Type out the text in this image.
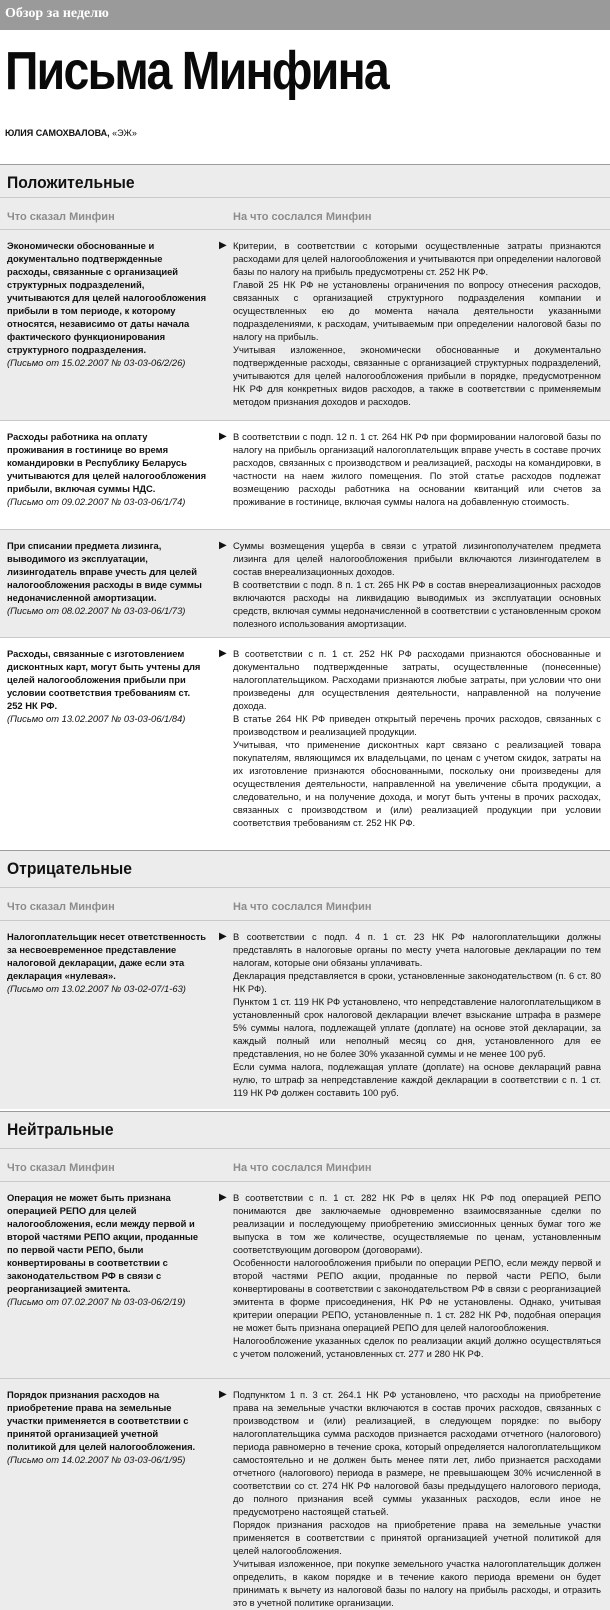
Обзор за неделю
Письма Минфина
ЮЛИЯ САМОХВАЛОВА, «ЭЖ»
Положительные
Что сказал Минфин	На что сослался Минфин
Экономически обоснованные и документально подтвержденные расходы, связанные с организацией структурных подразделений, учитываются для целей налогообложения прибыли в том периоде, к которому относятся, независимо от даты начала фактического функционирования структурного подразделения.
(Письмо от 15.02.2007 № 03-03-06/2/26)
▶ Критерии, в соответствии с которыми осуществленные затраты признаются расходами для целей налогообложения и учитываются при определении налоговой базы по налогу на прибыль предусмотрены ст. 252 НК РФ.

Главой 25 НК РФ не установлены ограничения по вопросу отнесения расходов, связанных с организацией структурного подразделения компании и осуществленных ею до момента начала деятельности указанными подразделениями, к расходам, учитываемым при определении налоговой базы по налогу на прибыль.

Учитывая изложенное, экономически обоснованные и документально подтвержденные расходы, связанные с организацией структурных подразделений, учитываются для целей налогообложения прибыли в порядке, предусмотренном НК РФ для конкретных видов расходов, а также в соответствии с применяемым методом признания доходов и расходов.

Расходы работника на оплату проживания в гостинице во время командировки в Республику Беларусь учитываются для целей налогообложения прибыли, включая суммы НДС.
(Письмо от 09.02.2007 № 03-03-06/1/74)
▶ В соответствии с подп. 12 п. 1 ст. 264 НК РФ при формировании налоговой базы по налогу на прибыль организаций налогоплательщик вправе учесть в составе прочих расходов, связанных с производством и реализацией, расходы на командировки, в частности на наем жилого помещения. По этой статье расходов подлежат возмещению расходы работника на основании квитанций или счетов за проживание в гостинице, включая суммы налога на добавленную стоимость.

При списании предмета лизинга, выводимого из эксплуатации, лизингодатель вправе учесть для целей налогообложения расходы в виде суммы недоначисленной амортизации.
(Письмо от 08.02.2007 № 03-03-06/1/73)
▶ Суммы возмещения ущерба в связи с утратой лизингополучателем предмета лизинга для целей налогообложения прибыли включаются лизингодателем в состав внереализационных доходов.

В соответствии с подп. 8 п. 1 ст. 265 НК РФ в состав внереализационных расходов включаются расходы на ликвидацию выводимых из эксплуатации основных средств, включая суммы недоначисленной в соответствии с установленным сроком полезного использования амортизации.

Расходы, связанные с изготовлением дисконтных карт, могут быть учтены для целей налогообложения прибыли при условии соответствия требованиям ст. 252 НК РФ.
(Письмо от 13.02.2007 № 03-03-06/1/84)
▶ В соответствии с п. 1 ст. 252 НК РФ расходами признаются обоснованные и документально подтвержденные затраты, осуществленные (понесенные) налогоплательщиком. Расходами признаются любые затраты, при условии что они произведены для осуществления деятельности, направленной на получение дохода.

В статье 264 НК РФ приведен открытый перечень прочих расходов, связанных с производством и реализацией продукции.

Учитывая, что применение дисконтных карт связано с реализацией товара покупателям, являющимся их владельцами, по ценам с учетом скидок, затраты на их изготовление признаются обоснованными, поскольку они произведены для осуществления деятельности, направленной на увеличение сбыта продукции, а следовательно, и на получение дохода, и могут быть учтены в прочих расходах, связанных с производством и (или) реализацией продукции при условии соответствия требованиям ст. 252 НК РФ.

Отрицательные
Что сказал Минфин	На что сослался Минфин
Налогоплательщик несет ответственность за несвоевременное представление налоговой декларации, даже если эта декларация «нулевая».
(Письмо от 13.02.2007 № 03-02-07/1-63)
▶ В соответствии с подп. 4 п. 1 ст. 23 НК РФ налогоплательщики должны представлять в налоговые органы по месту учета налоговые декларации по тем налогам, которые они обязаны уплачивать.

Декларация представляется в сроки, установленные законодательством (п. 6 ст. 80 НК РФ).

Пунктом 1 ст. 119 НК РФ установлено, что непредставление налогоплательщиком в установленный срок налоговой декларации влечет взыскание штрафа в размере 5% суммы налога, подлежащей уплате (доплате) на основе этой декларации, за каждый полный или неполный месяц со дня, установленного для ее представления, но не более 30% указанной суммы и не менее 100 руб.

Если сумма налога, подлежащая уплате (доплате) на основе деклараций равна нулю, то штраф за непредставление каждой декларации в соответствии с п. 1 ст. 119 НК РФ должен составить 100 руб.

Нейтральные
Что сказал Минфин	На что сослался Минфин
Операция не может быть признана операцией РЕПО для целей налогообложения, если между первой и второй частями РЕПО акции, проданные по первой части РЕПО, были конвертированы в соответствии с законодательством РФ в связи с реорганизацией эмитента.
(Письмо от 07.02.2007 № 03-03-06/2/19)
▶ В соответствии с п. 1 ст. 282 НК РФ в целях НК РФ под операцией РЕПО понимаются две заключаемые одновременно взаимосвязанные сделки по реализации и последующему приобретению эмиссионных ценных бумаг того же выпуска в том же количестве, осуществляемые по ценам, установленным соответствующим договором (договорами).

Особенности налогообложения прибыли по операции РЕПО, если между первой и второй частями РЕПО акции, проданные по первой части РЕПО, были конвертированы в соответствии с законодательством РФ в связи с реорганизацией эмитента в форме присоединения, НК РФ не установлены. Однако, учитывая критерии операции РЕПО, установленные п. 1 ст. 282 НК РФ, подобная операция не может быть признана операцией РЕПО для целей налогообложения.

Налогообложение указанных сделок по реализации акций должно осуществляться с учетом положений, установленных ст. 277 и 280 НК РФ.

Порядок признания расходов на приобретение права на земельные участки применяется в соответствии с принятой организацией учетной политикой для целей налогообложения.
(Письмо от 14.02.2007 № 03-03-06/1/95)
▶ Подпунктом 1 п. 3 ст. 264.1 НК РФ установлено, что расходы на приобретение права на земельные участки включаются в состав прочих расходов, связанных с производством и (или) реализацией, в следующем порядке: по выбору налогоплательщика сумма расходов признается расходами отчетного (налогового) периода равномерно в течение срока, который определяется налогоплательщиком самостоятельно и не должен быть менее пяти лет, либо признается расходами отчетного (налогового) периода в размере, не превышающем 30% исчисленной в соответствии со ст. 274 НК РФ налоговой базы предыдущего налогового периода, до полного признания всей суммы указанных расходов, если иное не предусмотрено настоящей статьей.

Порядок признания расходов на приобретение права на земельные участки применяется в соответствии с принятой организацией учетной политикой для целей налогообложения.

Учитывая изложенное, при покупке земельного участка налогоплательщик должен определить, в каком порядке и в течение какого периода времени он будет принимать к вычету из налоговой базы по налогу на прибыль расходы, и отразить это в учетной политике организации.
